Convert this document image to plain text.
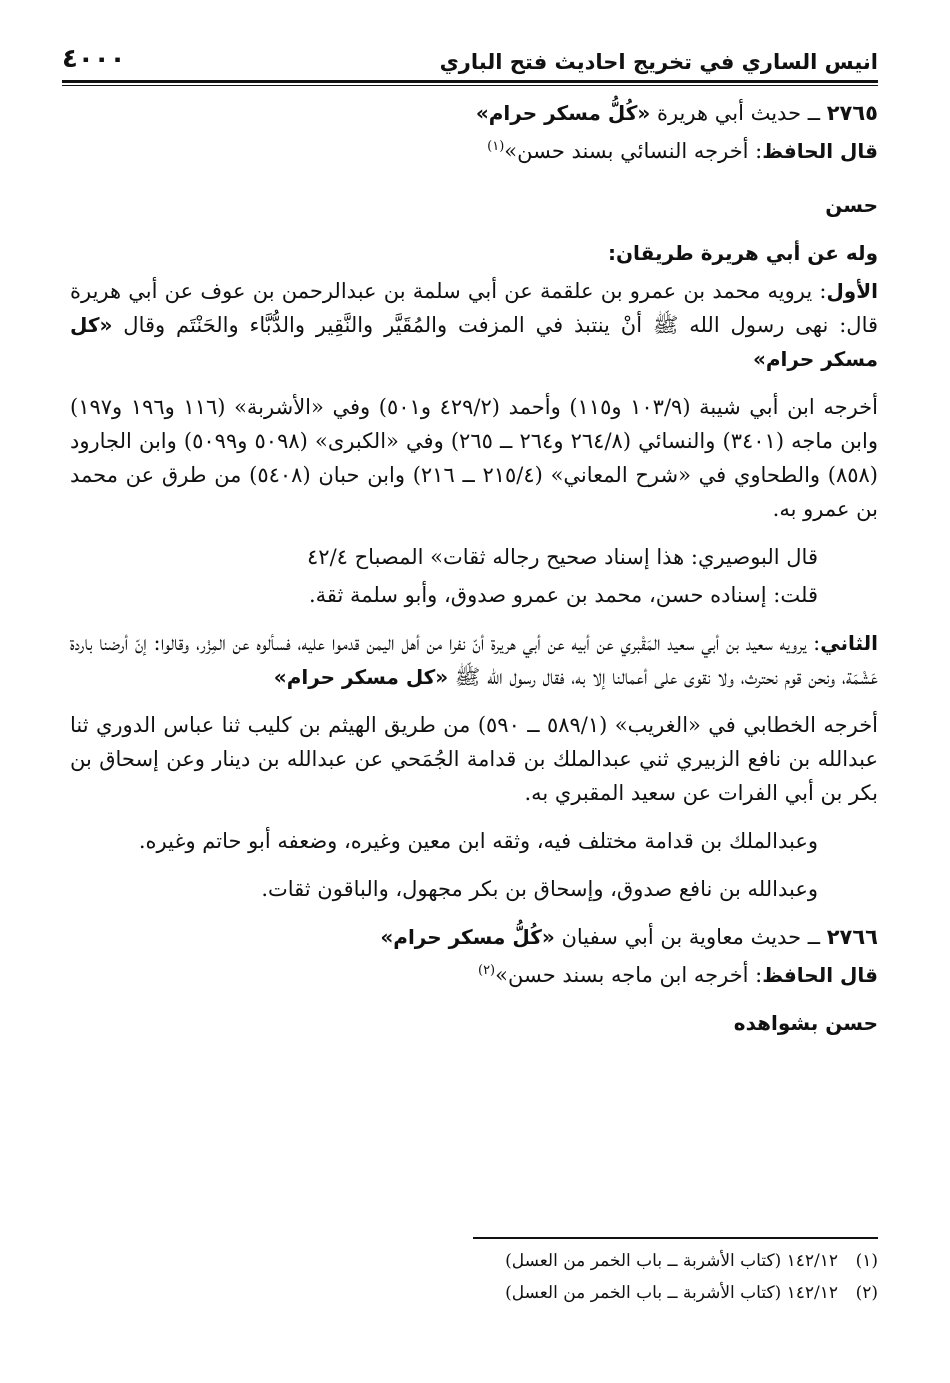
انيس الساري في تخريج احاديث فتح الباري
٤٠٠٠

٢٧٦٥ ــ حديث أبي هريرة «كُلُّ مسكر حرام»

قال الحافظ: أخرجه النسائي بسند حسن»$^{(١)}$

حسن

وله عن أبي هريرة طريقان:

الأول: يرويه محمد بن عمرو بن علقمة عن أبي سلمة بن عبدالرحمن بن عوف عن أبي هريرة قال: نهى رسول الله ﷺ أنْ ينتبذ في المزفت والمُقَيَّر والنَّقِير والدُّبَّاء والحَنْتَم وقال «كل مسكر حرام»

أخرجه ابن أبي شيبة (١٠٣/٩ و١١٥) وأحمد (٤٢٩/٢ و٥٠١) وفي «الأشربة» (١١٦ و١٩٦ و١٩٧) وابن ماجه (٣٤٠١) والنسائي (٢٦٤/٨ و٢٦٤ ــ ٢٦٥) وفي «الكبرى» (٥٠٩٨ و٥٠٩٩) وابن الجارود (٨٥٨) والطحاوي في «شرح المعاني» (٢١٥/٤ ــ ٢١٦) وابن حبان (٥٤٠٨) من طرق عن محمد بن عمرو به.

قال البوصيري: هذا إسناد صحيح رجاله ثقات» المصباح ٤٢/٤

قلت: إسناده حسن، محمد بن عمرو صدوق، وأبو سلمة ثقة.

الثاني: يرويه سعيد بن أبي سعيد المَقْبري عن أبيه عن أبي هريرة أنّ نفرا من أهل اليمن قدموا عليه، فسألوه عن المِزْر، وقالوا: إنّ أرضنا باردة عَشْمَة، ونحن قوم نحترث، ولا نقوى على أعمالنا إلا به، فقال رسول الله ﷺ «كل مسكر حرام»

أخرجه الخطابي في «الغريب» (٥٨٩/١ ــ ٥٩٠) من طريق الهيثم بن كليب ثنا عباس الدوري ثنا عبدالله بن نافع الزبيري ثني عبدالملك بن قدامة الجُمَحي عن عبدالله بن دينار وعن إسحاق بن بكر بن أبي الفرات عن سعيد المقبري به.

وعبدالملك بن قدامة مختلف فيه، وثقه ابن معين وغيره، وضعفه أبو حاتم وغيره.

وعبدالله بن نافع صدوق، وإسحاق بن بكر مجهول، والباقون ثقات.

٢٧٦٦ ــ حديث معاوية بن أبي سفيان «كُلُّ مسكر حرام»

قال الحافظ: أخرجه ابن ماجه بسند حسن»$^{(٢)}$

حسن بشواهده

(١)١٤٢/١٢ (كتاب الأشربة ــ باب الخمر من العسل)
(٢)١٤٢/١٢ (كتاب الأشربة ــ باب الخمر من العسل)
